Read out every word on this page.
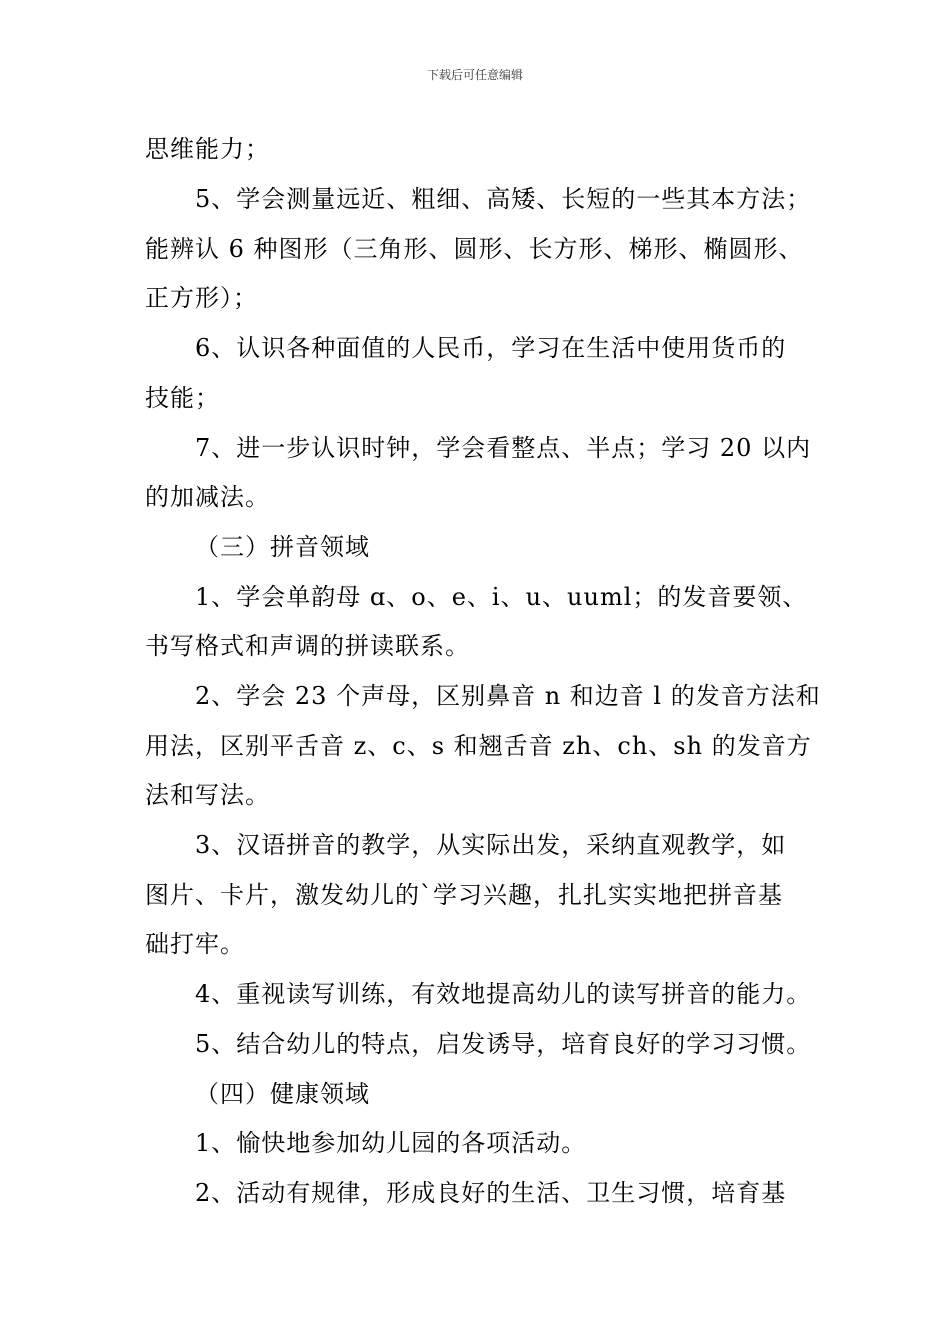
下载后可任意编辑
思维能力；
5、学会测量远近、粗细、高矮、长短的一些其本方法；
能辨认 6 种图形（三角形、圆形、长方形、梯形、椭圆形、
正方形）；
6、认识各种面值的人民币，学习在生活中使用货币的
技能；
7、进一步认识时钟，学会看整点、半点；学习 20 以内
的加减法。
（三）拼音领域
1、学会单韵母 ɑ、o、e、i、u、uuml；的发音要领、
书写格式和声调的拼读联系。
2、学会 23 个声母，区别鼻音 n 和边音 l 的发音方法和
用法，区别平舌音 z、c、s 和翘舌音 zh、ch、sh 的发音方
法和写法。
3、汉语拼音的教学，从实际出发，采纳直观教学，如
图片、卡片，激发幼儿的`学习兴趣，扎扎实实地把拼音基
础打牢。
4、重视读写训练，有效地提高幼儿的读写拼音的能力。
5、结合幼儿的特点，启发诱导，培育良好的学习习惯。
（四）健康领域
1、愉快地参加幼儿园的各项活动。
2、活动有规律，形成良好的生活、卫生习惯，培育基
